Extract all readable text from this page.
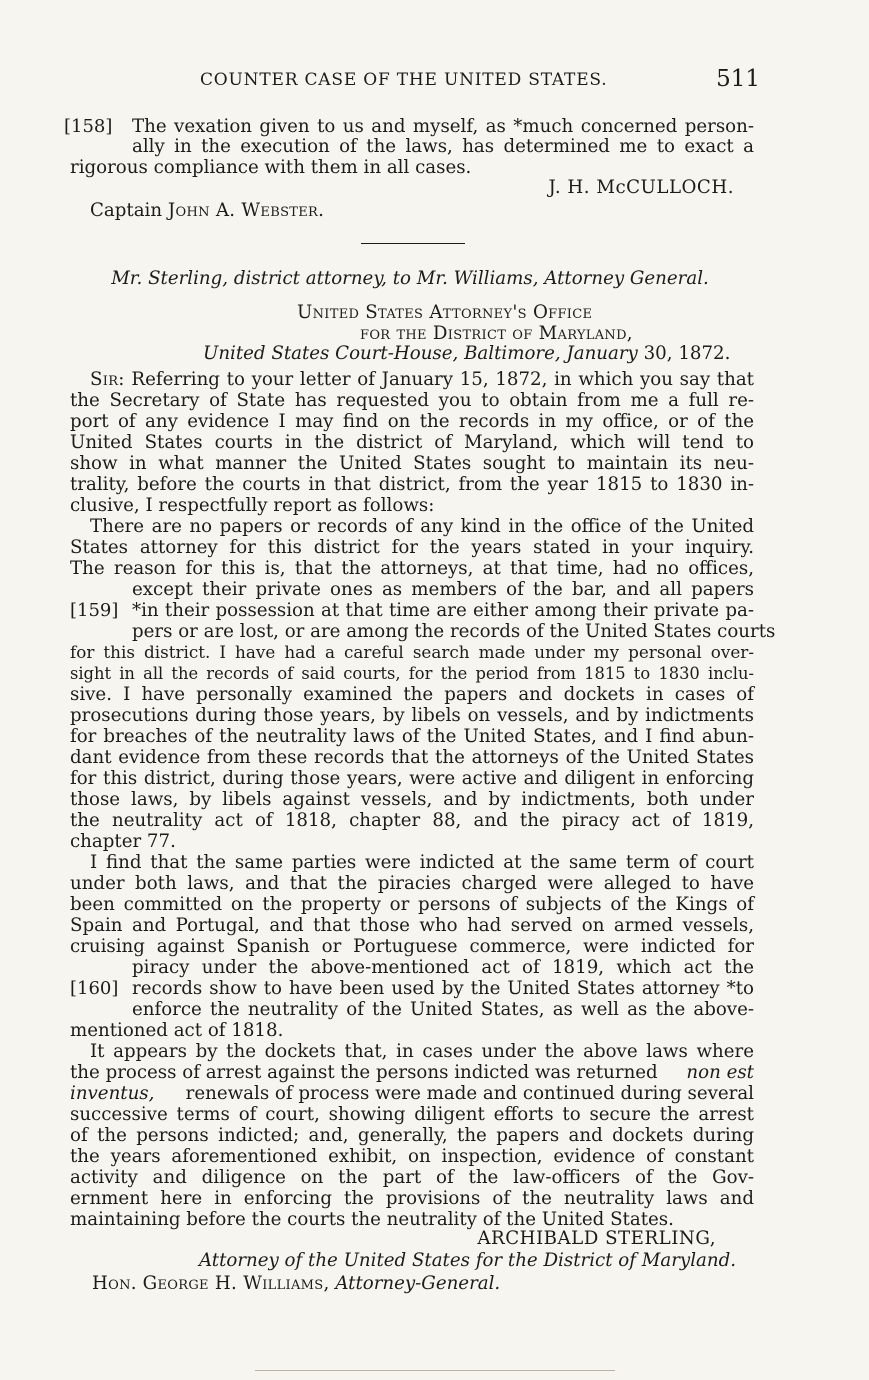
COUNTER CASE OF THE UNITED STATES.	511
[158] The vexation given to us and myself, as *much concerned person-
ally in the execution of the laws, has determined me to exact a
rigorous compliance with them in all cases.
J. H. McCULLOCH.
Captain John A. Webster.
Mr. Sterling, district attorney, to Mr. Williams, Attorney General.
United States Attorney's Office
for the District of Maryland,
United States Court-House, Baltimore, January 30, 1872.
Sir: Referring to your letter of January 15, 1872, in which you say that
the Secretary of State has requested you to obtain from me a full re-
port of any evidence I may find on the records in my office, or of the
United States courts in the district of Maryland, which will tend to
show in what manner the United States sought to maintain its neu-
trality, before the courts in that district, from the year 1815 to 1830 in-
clusive, I respectfully report as follows:
There are no papers or records of any kind in the office of the United
States attorney for this district for the years stated in your inquiry.
The reason for this is, that the attorneys, at that time, had no offices,
except their private ones as members of the bar, and all papers
[159] *in their possession at that time are either among their private pa-
pers or are lost, or are among the records of the United States courts
for this district. I have had a careful search made under my personal over-
sight in all the records of said courts, for the period from 1815 to 1830 inclu-
sive. I have personally examined the papers and dockets in cases of
prosecutions during those years, by libels on vessels, and by indictments
for breaches of the neutrality laws of the United States, and I find abun-
dant evidence from these records that the attorneys of the United States
for this district, during those years, were active and diligent in enforcing
those laws, by libels against vessels, and by indictments, both under
the neutrality act of 1818, chapter 88, and the piracy act of 1819,
chapter 77.
I find that the same parties were indicted at the same term of court
under both laws, and that the piracies charged were alleged to have
been committed on the property or persons of subjects of the Kings of
Spain and Portugal, and that those who had served on armed vessels,
cruising against Spanish or Portuguese commerce, were indicted for
piracy under the above-mentioned act of 1819, which act the
[160] records show to have been used by the United States attorney *to
enforce the neutrality of the United States, as well as the above-
mentioned act of 1818.
It appears by the dockets that, in cases under the above laws where
the process of arrest against the persons indicted was returned non est
inventus, renewals of process were made and continued during several
successive terms of court, showing diligent efforts to secure the arrest
of the persons indicted; and, generally, the papers and dockets during
the years aforementioned exhibit, on inspection, evidence of constant
activity and diligence on the part of the law-officers of the Gov-
ernment here in enforcing the provisions of the neutrality laws and
maintaining before the courts the neutrality of the United States.
ARCHIBALD STERLING,
Attorney of the United States for the District of Maryland.
Hon. George H. Williams, Attorney-General.
